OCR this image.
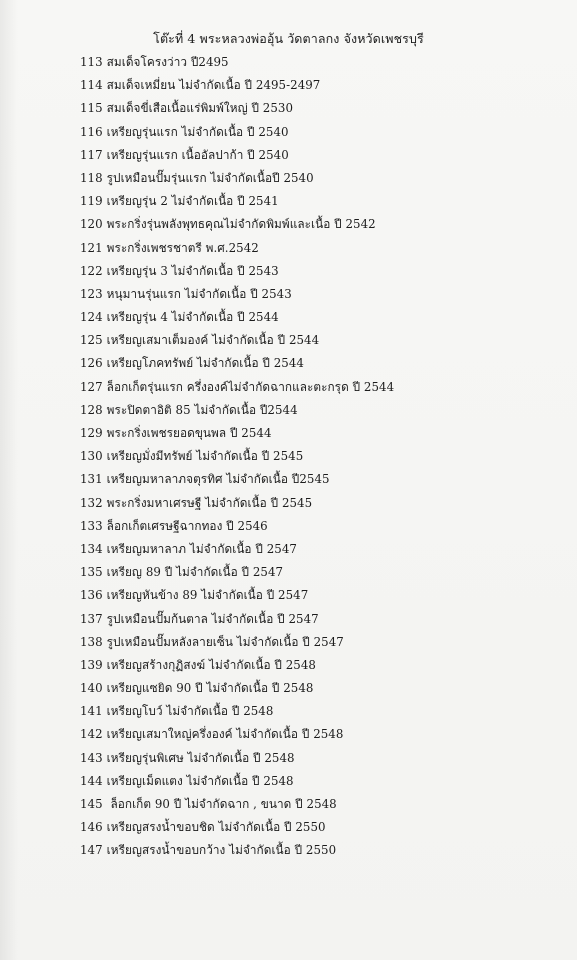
โต๊ะที่ 4 พระหลวงพ่ออุ้น วัดตาลกง จังหวัดเพชรบุรี
113 สมเด็จโครงว่าว ปี2495
114 สมเด็จเหมี่ยน ไม่จำกัดเนื้อ ปี 2495-2497
115 สมเด็จขี่เสือเนื้อแร่พิมพ์ใหญ่ ปี 2530
116 เหรียญรุ่นแรก ไม่จำกัดเนื้อ ปี 2540
117 เหรียญรุ่นแรก เนื้ออัลปาก้า ปี 2540
118 รูปเหมือนปั๊มรุ่นแรก ไม่จำกัดเนื้อปี 2540
119 เหรียญรุ่น 2 ไม่จำกัดเนื้อ ปี 2541
120 พระกริ่งรุ่นพลังพุทธคุณไม่จำกัดพิมพ์และเนื้อ ปี 2542
121 พระกริ่งเพชรชาตรี พ.ศ.2542
122 เหรียญรุ่น 3 ไม่จำกัดเนื้อ ปี 2543
123 หนุมานรุ่นแรก ไม่จำกัดเนื้อ ปี 2543
124 เหรียญรุ่น 4 ไม่จำกัดเนื้อ ปี 2544
125 เหรียญเสมาเต็มองค์ ไม่จำกัดเนื้อ ปี 2544
126 เหรียญโภคทรัพย์ ไม่จำกัดเนื้อ ปี 2544
127 ล็อกเก็ตรุ่นแรก ครึ่งองค์ไม่จำกัดฉากและตะกรุด ปี 2544
128 พระปิดตาอิติ 85 ไม่จำกัดเนื้อ ปี2544
129 พระกริ่งเพชรยอดขุนพล ปี 2544
130 เหรียญมั่งมีทรัพย์ ไม่จำกัดเนื้อ ปี 2545
131 เหรียญมหาลาภจตุรทิศ ไม่จำกัดเนื้อ ปี2545
132 พระกริ่งมหาเศรษฐี ไม่จำกัดเนื้อ ปี 2545
133 ล็อกเก็ตเศรษฐีฉากทอง ปี 2546
134 เหรียญมหาลาภ ไม่จำกัดเนื้อ ปี 2547
135 เหรียญ 89 ปี ไม่จำกัดเนื้อ ปี 2547
136 เหรียญหันข้าง 89 ไม่จำกัดเนื้อ ปี 2547
137 รูปเหมือนปั๊มก้นตาล ไม่จำกัดเนื้อ ปี 2547
138 รูปเหมือนปั๊มหลังลายเซ็น ไม่จำกัดเนื้อ ปี 2547
139 เหรียญสร้างกุฏิสงฆ์ ไม่จำกัดเนื้อ ปี 2548
140 เหรียญแซยิด 90 ปี ไม่จำกัดเนื้อ ปี 2548
141 เหรียญโบว์ ไม่จำกัดเนื้อ ปี 2548
142 เหรียญเสมาใหญ่ครึ่งองค์ ไม่จำกัดเนื้อ ปี 2548
143 เหรียญรุ่นพิเศษ ไม่จำกัดเนื้อ ปี 2548
144 เหรียญเม็ดแตง ไม่จำกัดเนื้อ ปี 2548
145 ล็อกเก็ต 90 ปี ไม่จำกัดฉาก , ขนาด ปี 2548
146 เหรียญสรงน้ำขอบชิด ไม่จำกัดเนื้อ ปี 2550
147 เหรียญสรงน้ำขอบกว้าง ไม่จำกัดเนื้อ ปี 2550
